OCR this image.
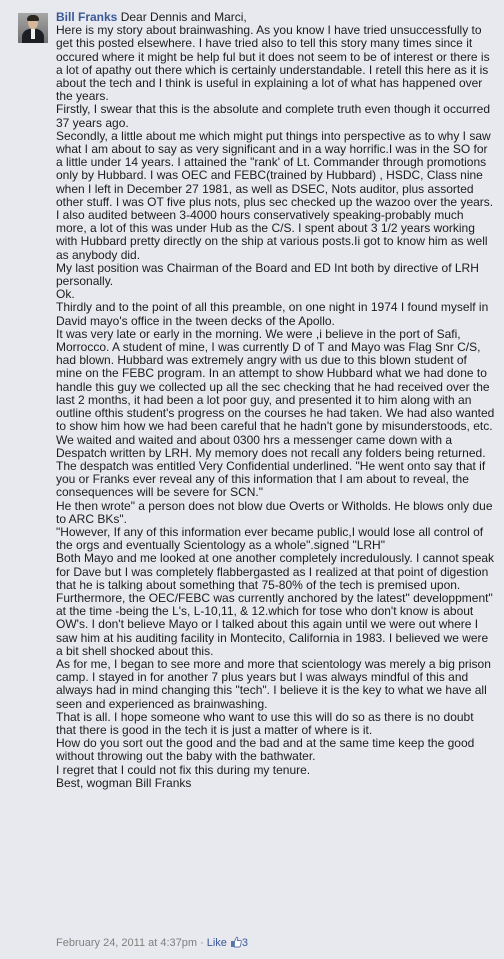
Bill Franks Dear Dennis and Marci,
Here is my story about brainwashing. As you know I have tried unsuccessfully to get this posted elsewhere. I have tried also to tell this story many times since it occured where it might be help ful but it does not seem to be of interest or there is a lot of apathy out there which is certainly understandable. I retell this here as it is about the tech and I think is useful in explaining a lot of what has happened over the years.
Firstly, I swear that this is the absolute and complete truth even though it occurred 37 years ago.
Secondly, a little about me which might put things into perspective as to why I saw what I am about to say as very significant and in a way horrific.I was in the SO for a little under 14 years. I attained the "rank' of Lt. Commander through promotions only by Hubbard. I was OEC and FEBC(trained by Hubbard) , HSDC, Class nine when I left in December 27 1981, as well as DSEC, Nots auditor, plus assorted other stuff. I was OT five plus nots, plus sec checked up the wazoo over the years. I also audited between 3-4000 hours conservatively speaking-probably much more, a lot of this was under Hub as the C/S. I spent about 3 1/2 years working with Hubbard pretty directly on the ship at various posts.Ii got to know him as well as anybody did.
My last position was Chairman of the Board and ED Int both by directive of LRH personally.
Ok.
Thirdly and to the point of all this preamble, on one night in 1974 I found myself in David mayo's office in the tween decks of the Apollo.
It was very late or early in the morning. We were ,i believe in the port of Safi, Morrocco. A student of mine, I was currently D of T and Mayo was Flag Snr C/S, had blown. Hubbard was extremely angry with us due to this blown student of mine on the FEBC program. In an attempt to show Hubbard what we had done to handle this guy we collected up all the sec checking that he had received over the last 2 months, it had been a lot poor guy, and presented it to him along with an outline ofthis student's progress on the courses he had taken. We had also wanted to show him how we had been careful that he hadn't gone by misunderstoods, etc.
We waited and waited and about 0300 hrs a messenger came down with a Despatch written by LRH. My memory does not recall any folders being returned. The despatch was entitled Very Confidential underlined. "He went onto say that if you or Franks ever reveal any of this information that I am about to reveal, the consequences will be severe for SCN."
He then wrote" a person does not blow due Overts or Witholds. He blows only due to ARC BKs".
"However, If any of this information ever became public,I would lose all control of the orgs and eventually Scientology as a whole".signed "LRH"
Both Mayo and me looked at one another completely incredulously. I cannot speak for Dave but I was completely flabbergasted as I realized at that point of digestion that he is talking about something that 75-80% of the tech is premised upon. Furthermore, the OEC/FEBC was currently anchored by the latest" developpment" at the time -being the L's, L-10,11, & 12.which for tose who don't know is about OW's. I don't believe Mayo or I talked about this again until we were out where I saw him at his auditing facility in Montecito, California in 1983. I believed we were a bit shell shocked about this.
As for me, I began to see more and more that scientology was merely a big prison camp. I stayed in for another 7 plus years but I was always mindful of this and always had in mind changing this "tech". I believe it is the key to what we have all seen and experienced as brainwashing.
That is all. I hope someone who want to use this will do so as there is no doubt that there is good in the tech it is just a matter of where is it.
How do you sort out the good and the bad and at the same time keep the good without throwing out the baby with the bathwater.
I regret that I could not fix this during my tenure.
Best, wogman Bill Franks

February 24, 2011 at 4:37pm · Like 3
